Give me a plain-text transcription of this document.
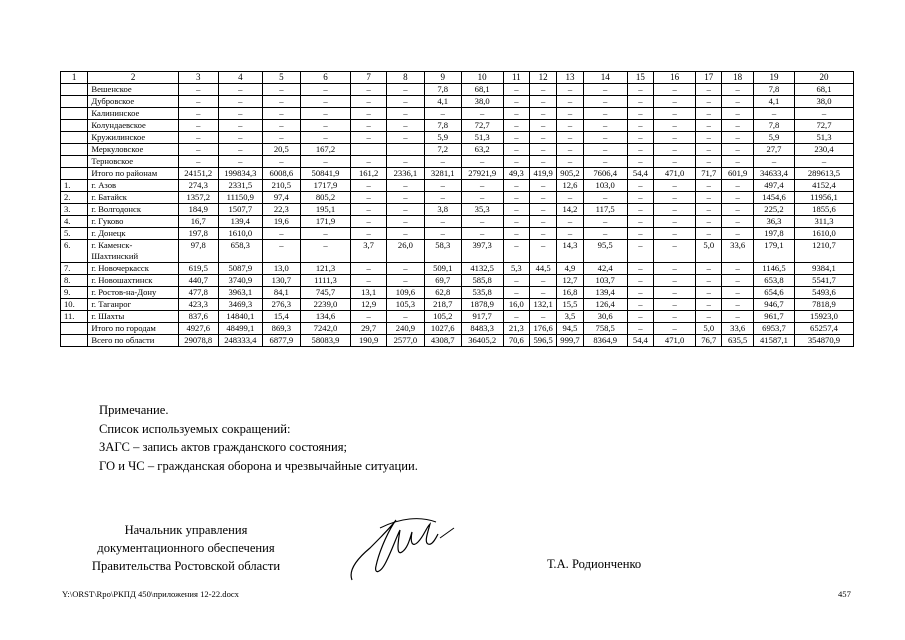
1	2	3	4	5	6	7	8	9	10	11	12	13	14	15	16	17	18	19	20
	Вешенское	–	–	–	–	–	–	7,8	68,1	–	–	–	–	–	–	–	–	7,8	68,1
	Дубровское	–	–	–	–	–	–	4,1	38,0	–	–	–	–	–	–	–	–	4,1	38,0
	Калининское	–	–	–	–	–	–	–	–	–	–	–	–	–	–	–	–	–	–
	Колундаевское	–	–	–	–	–	–	7,8	72,7	–	–	–	–	–	–	–	–	7,8	72,7
	Кружилинское	–	–	–	–	–	–	5,9	51,3	–	–	–	–	–	–	–	–	5,9	51,3
	Меркуловское	–	–	20,5	167,2			7,2	63,2	–	–	–	–	–	–	–	–	27,7	230,4
	Терновское	–	–	–	–	–	–	–	–	–	–	–	–	–	–	–	–	–	–
	Итого по районам	24151,2	199834,3	6008,6	50841,9	161,2	2336,1	3281,1	27921,9	49,3	419,9	905,2	7606,4	54,4	471,0	71,7	601,9	34633,4	289613,5
1.	г. Азов	274,3	2331,5	210,5	1717,9	–	–	–	–	–	–	12,6	103,0	–	–	–	–	497,4	4152,4
2.	г. Батайск	1357,2	11150,9	97,4	805,2	–	–	–	–	–	–	–	–	–	–	–	–	1454,6	11956,1
3.	г. Волгодонск	184,9	1507,7	22,3	195,1	–	–	3,8	35,3	–	–	14,2	117,5	–	–	–	–	225,2	1855,6
4.	г. Гуково	16,7	139,4	19,6	171,9	–	–	–	–	–	–	–	–	–	–	–	–	36,3	311,3
5.	г. Донецк	197,8	1610,0	–	–	–	–	–	–	–	–	–	–	–	–	–	–	197,8	1610,0
6.	г. Каменск-Шахтинский	97,8	658,3	–	–	3,7	26,0	58,3	397,3	–	–	14,3	95,5	–	–	5,0	33,6	179,1	1210,7
7.	г. Новочеркасск	619,5	5087,9	13,0	121,3	–	–	509,1	4132,5	5,3	44,5	4,9	42,4	–	–	–	–	1146,5	9384,1
8.	г. Новошахтинск	440,7	3740,9	130,7	1111,3	–	–	69,7	585,8	–	–	12,7	103,7	–	–	–	–	653,8	5541,7
9.	г. Ростов-на-Дону	477,8	3963,1	84,1	745,7	13,1	109,6	62,8	535,8	–	–	16,8	139,4	–	–	–	–	654,6	5493,6
10.	г. Таганрог	423,3	3469,3	276,3	2239,0	12,9	105,3	218,7	1878,9	16,0	132,1	15,5	126,4	–	–	–	–	946,7	7818,9
11.	г. Шахты	837,6	14840,1	15,4	134,6	–	–	105,2	917,7	–	–	3,5	30,6	–	–	–	–	961,7	15923,0
	Итого по городам	4927,6	48499,1	869,3	7242,0	29,7	240,9	1027,6	8483,3	21,3	176,6	94,5	758,5	–	–	5,0	33,6	6953,7	65257,4
	Всего по области	29078,8	248333,4	6877,9	58083,9	190,9	2577,0	4308,7	36405,2	70,6	596,5	999,7	8364,9	54,4	471,0	76,7	635,5	41587,1	354870,9
Примечание.
Список используемых сокращений:
ЗАГС – запись актов гражданского состояния;
ГО и ЧС – гражданская оборона и чрезвычайные ситуации.
Начальник управления
документационного обеспечения
Правительства Ростовской области	Т.А. Родионченко
Y:\ORST\Rpo\РКПД 450\приложения 12-22.docx	457
